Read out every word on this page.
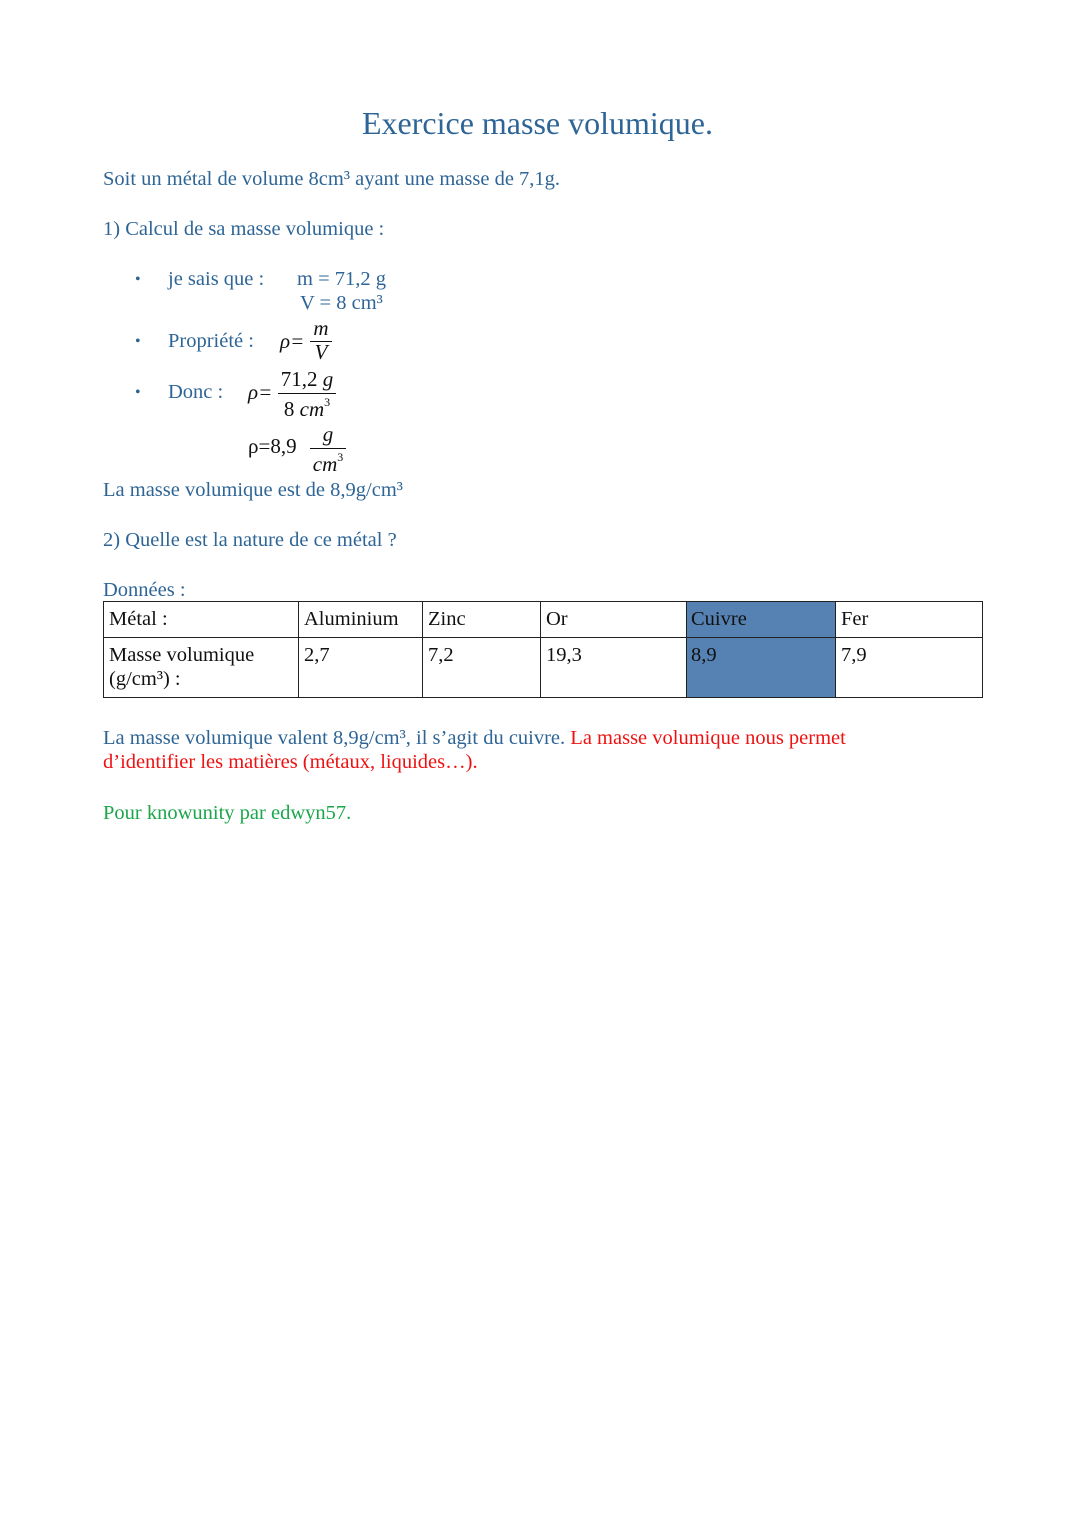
Exercice masse volumique.
Soit un métal de volume 8cm³ ayant une masse de 7,1g.
1) Calcul de sa masse volumique :
• je sais que : m = 71,2 g
V = 8 cm³
• Propriété : ρ=
m
V
• Donc : ρ=
71,2 g
8 $cm^3$
ρ=8,9	g
$cm^3$
La masse volumique est de 8,9g/cm³
2) Quelle est la nature de ce métal ?
Données :
Métal :	Aluminium	Zinc	Or	Cuivre	Fer
Masse volumique
(g/cm³) :	2,7	7,2	19,3	8,9	7,9
La masse volumique valent 8,9g/cm³, il s’agit du cuivre. La masse volumique nous permet
d’identifier les matières (métaux, liquides…).
Pour knowunity par edwyn57.
